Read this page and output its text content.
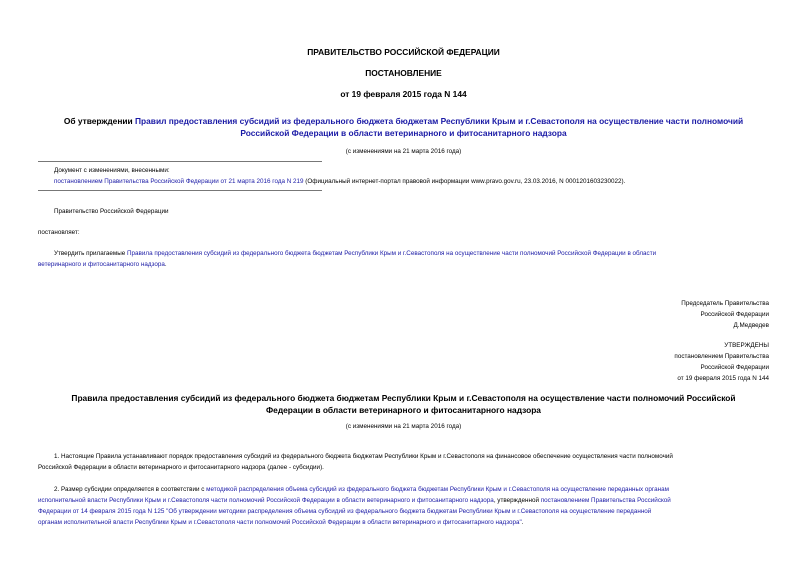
ПРАВИТЕЛЬСТВО РОССИЙСКОЙ ФЕДЕРАЦИИ
ПОСТАНОВЛЕНИЕ
от 19 февраля 2015 года N 144
Об утверждении Правил предоставления субсидий из федерального бюджета бюджетам Республики Крым и г.Севастополя на осуществление части полномочий
Российской Федерации в области ветеринарного и фитосанитарного надзора
(с изменениями на 21 марта 2016 года)
Документ с изменениями, внесенными:
постановлением Правительства Российской Федерации от 21 марта 2016 года N 219 (Официальный интернет-портал правовой информации www.pravo.gov.ru, 23.03.2016, N 0001201603230022).
Правительство Российской Федерации
постановляет:
Утвердить прилагаемые Правила предоставления субсидий из федерального бюджета бюджетам Республики Крым и г.Севастополя на осуществление части полномочий Российской Федерации в области
ветеринарного и фитосанитарного надзора.
Председатель Правительства
Российской Федерации
Д.Медведев
УТВЕРЖДЕНЫ
постановлением Правительства
Российской Федерации
от 19 февраля 2015 года N 144
Правила предоставления субсидий из федерального бюджета бюджетам Республики Крым и г.Севастополя на осуществление части полномочий Российской
Федерации в области ветеринарного и фитосанитарного надзора
(с изменениями на 21 марта 2016 года)
1. Настоящие Правила устанавливают порядок предоставления субсидий из федерального бюджета бюджетам Республики Крым и г.Севастополя на финансовое обеспечение осуществления части полномочий
Российской Федерации в области ветеринарного и фитосанитарного надзора (далее - субсидии).
2. Размер субсидии определяется в соответствии с методикой распределения объема субсидий из федерального бюджета бюджетам Республики Крым и г.Севастополя на осуществление переданных органам
исполнительной власти Республики Крым и г.Севастополя части полномочий Российской Федерации в области ветеринарного и фитосанитарного надзора, утвержденной постановлением Правительства Российской
Федерации от 14 февраля 2015 года N 125 "Об утверждении методики распределения объема субсидий из федерального бюджета бюджетам Республики Крым и г.Севастополя на осуществление переданной
органам исполнительной власти Республики Крым и г.Севастополя части полномочий Российской Федерации в области ветеринарного и фитосанитарного надзора".
